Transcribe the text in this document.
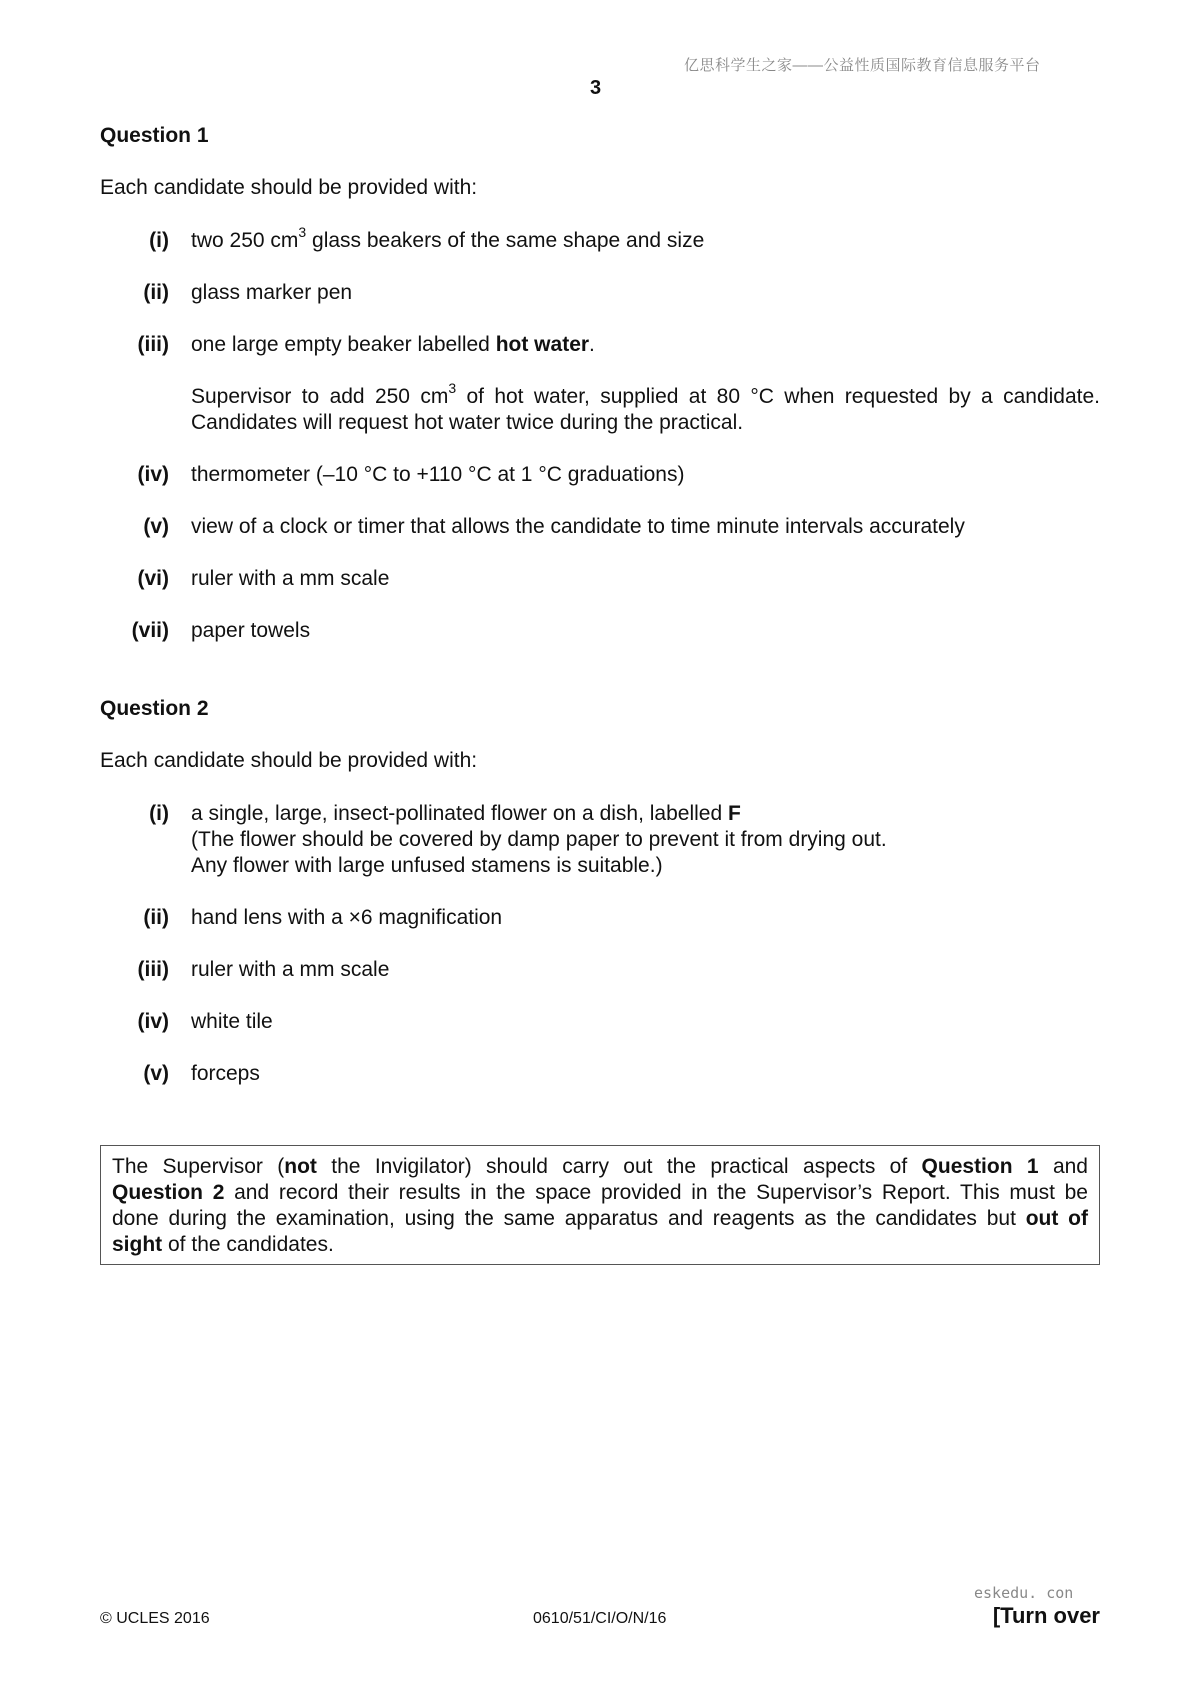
亿思科学生之家——公益性质国际教育信息服务平台
3
Question 1
Each candidate should be provided with:
(i) two 250 $cm^3$ glass beakers of the same shape and size
(ii) glass marker pen
(iii) one large empty beaker labelled hot water.
Supervisor to add 250 $cm^3$ of hot water, supplied at 80 °C when requested by a candidate.
Candidates will request hot water twice during the practical.
(iv) thermometer (–10 °C to +110 °C at 1 °C graduations)
(v) view of a clock or timer that allows the candidate to time minute intervals accurately
(vi) ruler with a mm scale
(vii) paper towels
Question 2
Each candidate should be provided with:
(i) a single, large, insect-pollinated flower on a dish, labelled F
(The flower should be covered by damp paper to prevent it from drying out.
Any flower with large unfused stamens is suitable.)
(ii) hand lens with a ×6 magnification
(iii) ruler with a mm scale
(iv) white tile
(v) forceps
The Supervisor (not the Invigilator) should carry out the practical aspects of Question 1 and
Question 2 and record their results in the space provided in the Supervisor’s Report. This must be
done during the examination, using the same apparatus and reagents as the candidates but out of
sight of the candidates.
© UCLES 2016	0610/51/CI/O/N/16
eskedu. con
[Turn over
